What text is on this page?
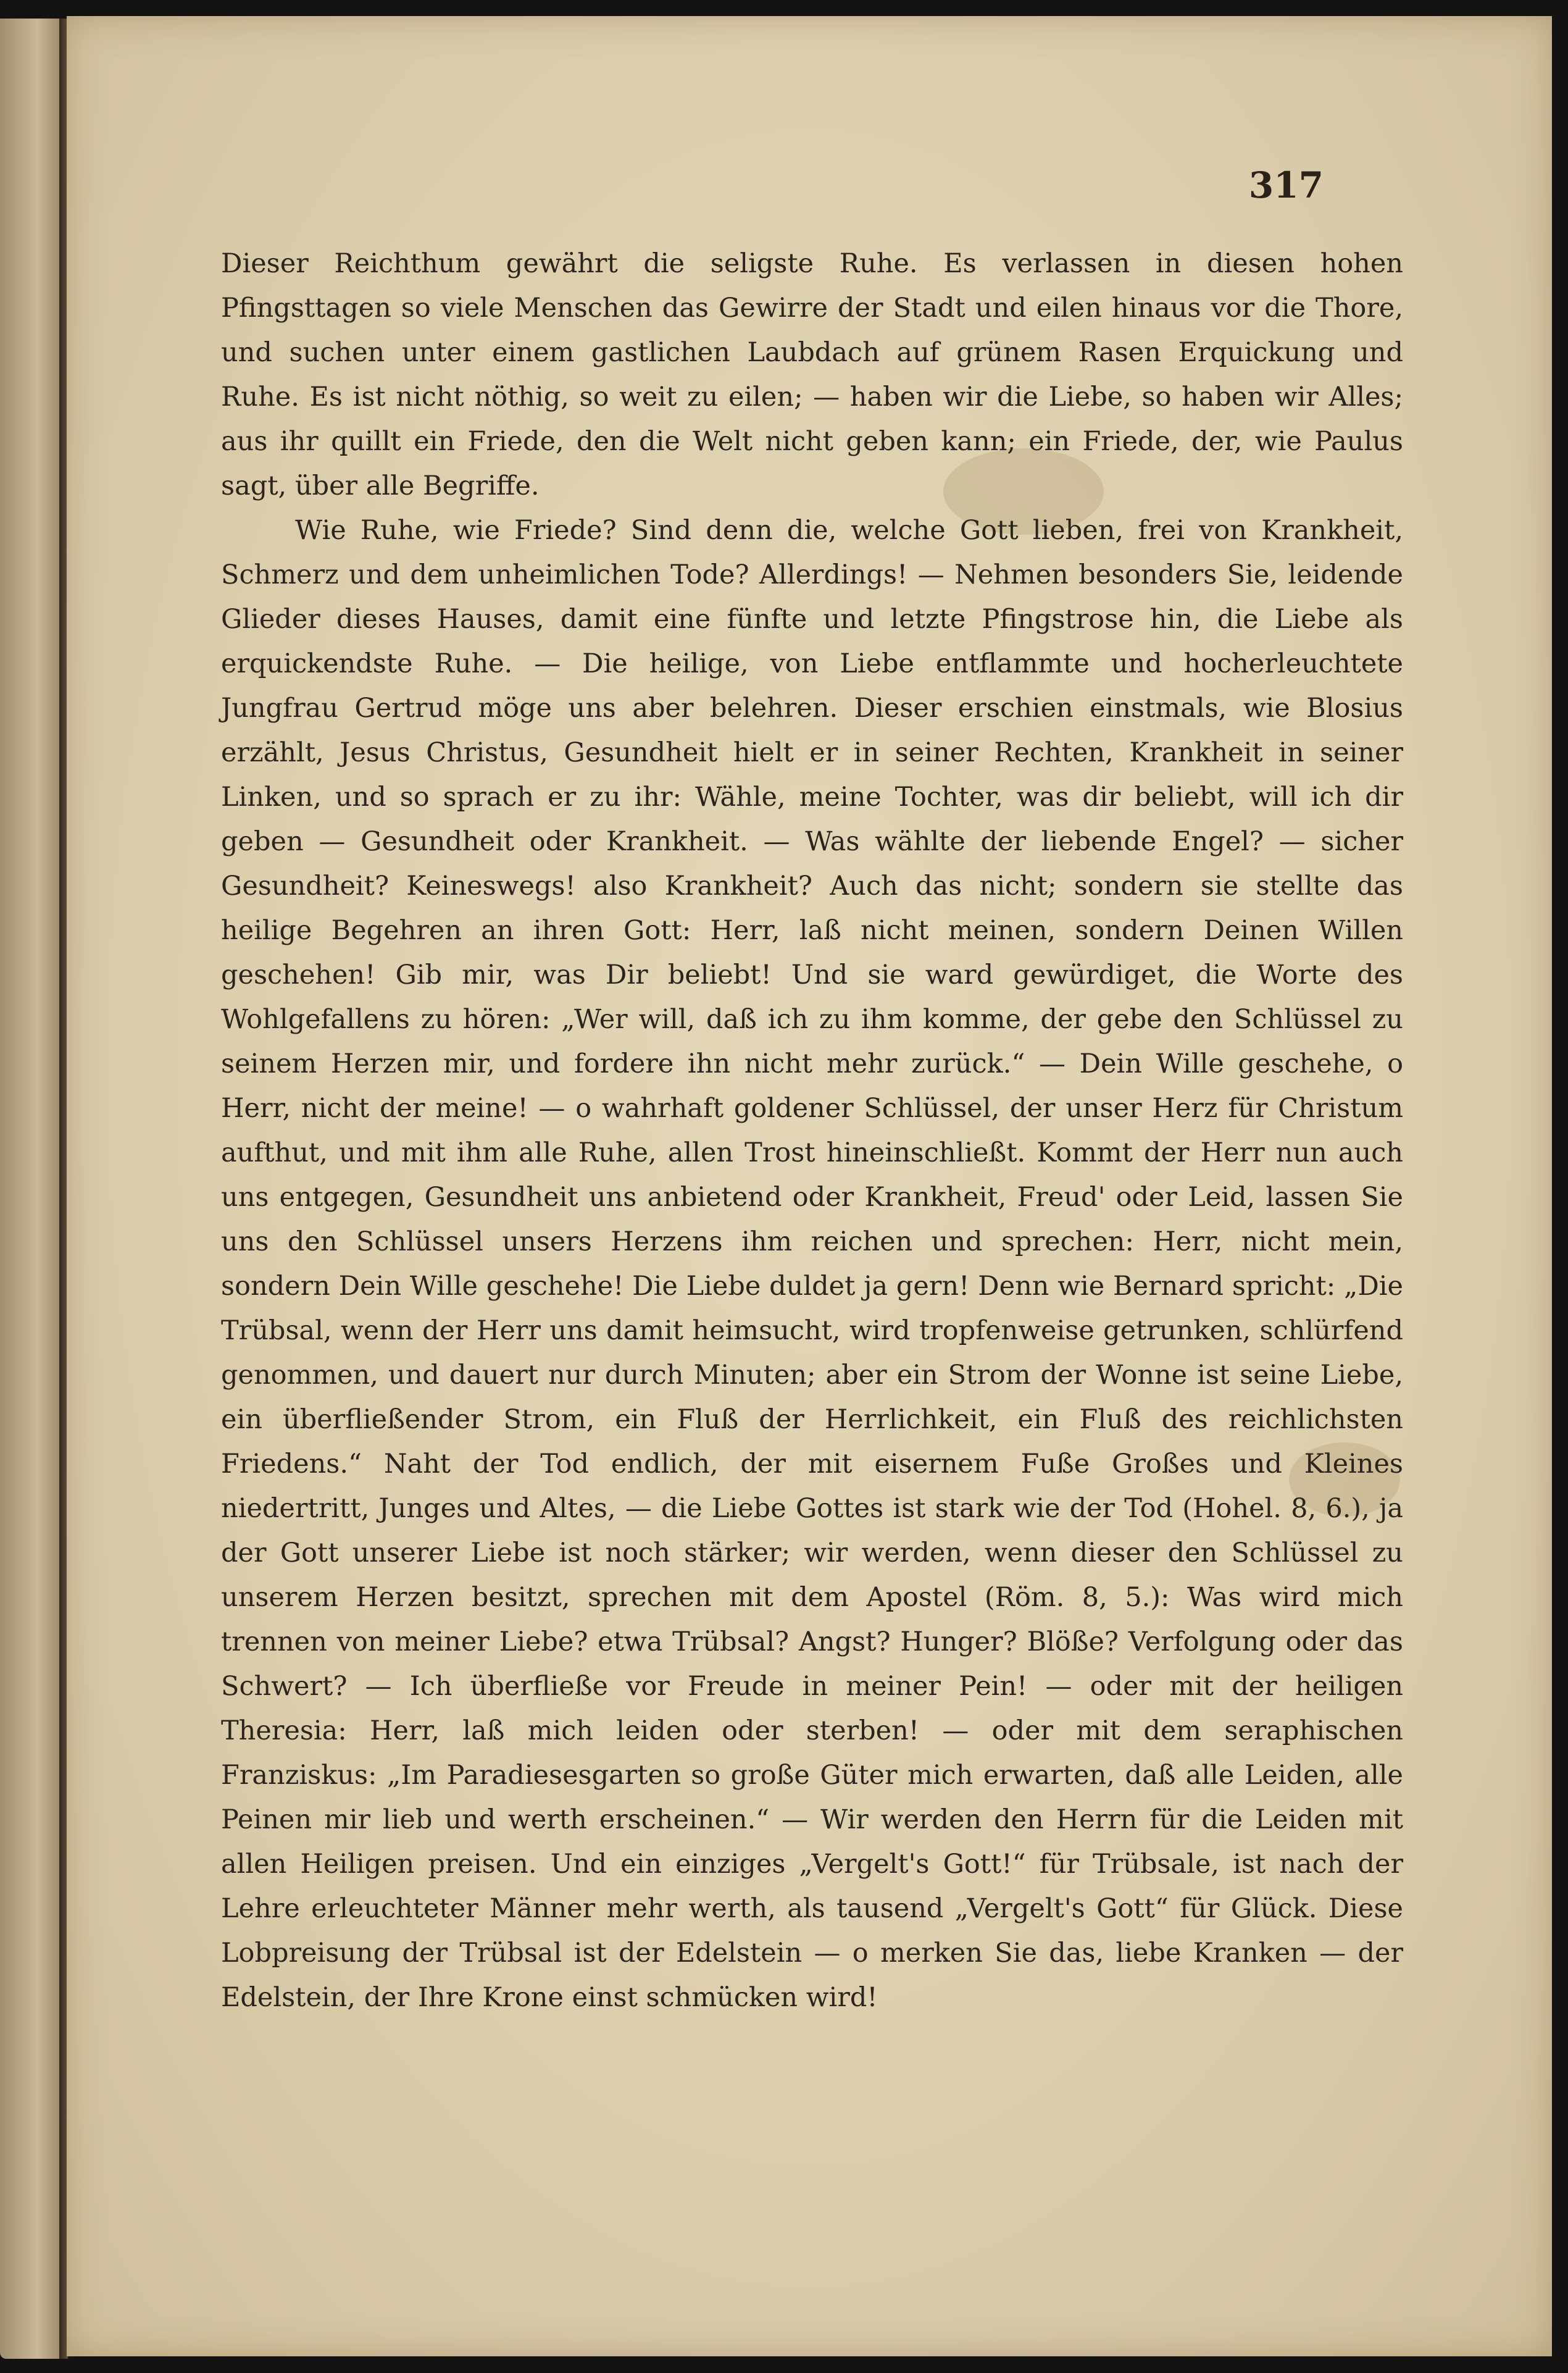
317

Dieser Reichthum gewährt die seligste Ruhe. Es verlassen in diesen hohen Pfingsttagen so viele Menschen das Gewirre der Stadt und eilen hinaus vor die Thore, und suchen unter einem gastlichen Laubdach auf grünem Rasen Erquickung und Ruhe. Es ist nicht nöthig, so weit zu eilen; — haben wir die Liebe, so haben wir Alles; aus ihr quillt ein Friede, den die Welt nicht geben kann; ein Friede, der, wie Paulus sagt, über alle Begriffe.

Wie Ruhe, wie Friede? Sind denn die, welche Gott lieben, frei von Krankheit, Schmerz und dem unheimlichen Tode? Allerdings! — Nehmen besonders Sie, leidende Glieder dieses Hauses, damit eine fünfte und letzte Pfingstrose hin, die Liebe als erquickendste Ruhe. — Die heilige, von Liebe entflammte und hocherleuchtete Jungfrau Gertrud möge uns aber belehren. Dieser erschien einstmals, wie Blosius erzählt, Jesus Christus, Gesundheit hielt er in seiner Rechten, Krankheit in seiner Linken, und so sprach er zu ihr: Wähle, meine Tochter, was dir beliebt, will ich dir geben — Gesundheit oder Krankheit. — Was wählte der liebende Engel? — sicher Gesundheit? Keineswegs! also Krankheit? Auch das nicht; sondern sie stellte das heilige Begehren an ihren Gott: Herr, laß nicht meinen, sondern Deinen Willen geschehen! Gib mir, was Dir beliebt! Und sie ward gewürdiget, die Worte des Wohlgefallens zu hören: „Wer will, daß ich zu ihm komme, der gebe den Schlüssel zu seinem Herzen mir, und fordere ihn nicht mehr zurück.“ — Dein Wille geschehe, o Herr, nicht der meine! — o wahrhaft goldener Schlüssel, der unser Herz für Christum aufthut, und mit ihm alle Ruhe, allen Trost hineinschließt. Kommt der Herr nun auch uns entgegen, Gesundheit uns anbietend oder Krankheit, Freud' oder Leid, lassen Sie uns den Schlüssel unsers Herzens ihm reichen und sprechen: Herr, nicht mein, sondern Dein Wille geschehe! Die Liebe duldet ja gern! Denn wie Bernard spricht: „Die Trübsal, wenn der Herr uns damit heimsucht, wird tropfenweise getrunken, schlürfend genommen, und dauert nur durch Minuten; aber ein Strom der Wonne ist seine Liebe, ein überfließender Strom, ein Fluß der Herrlichkeit, ein Fluß des reichlichsten Friedens.“ Naht der Tod endlich, der mit eisernem Fuße Großes und Kleines niedertritt, Junges und Altes, — die Liebe Gottes ist stark wie der Tod (Hohel. 8, 6.), ja der Gott unserer Liebe ist noch stärker; wir werden, wenn dieser den Schlüssel zu unserem Herzen besitzt, sprechen mit dem Apostel (Röm. 8, 5.): Was wird mich trennen von meiner Liebe? etwa Trübsal? Angst? Hunger? Blöße? Verfolgung oder das Schwert? — Ich überfließe vor Freude in meiner Pein! — oder mit der heiligen Theresia: Herr, laß mich leiden oder sterben! — oder mit dem seraphischen Franziskus: „Im Paradiesesgarten so große Güter mich erwarten, daß alle Leiden, alle Peinen mir lieb und werth erscheinen.“ — Wir werden den Herrn für die Leiden mit allen Heiligen preisen. Und ein einziges „Vergelt's Gott!“ für Trübsale, ist nach der Lehre erleuchteter Männer mehr werth, als tausend „Vergelt's Gott“ für Glück. Diese Lobpreisung der Trübsal ist der Edelstein — o merken Sie das, liebe Kranken — der Edelstein, der Ihre Krone einst schmücken wird!
